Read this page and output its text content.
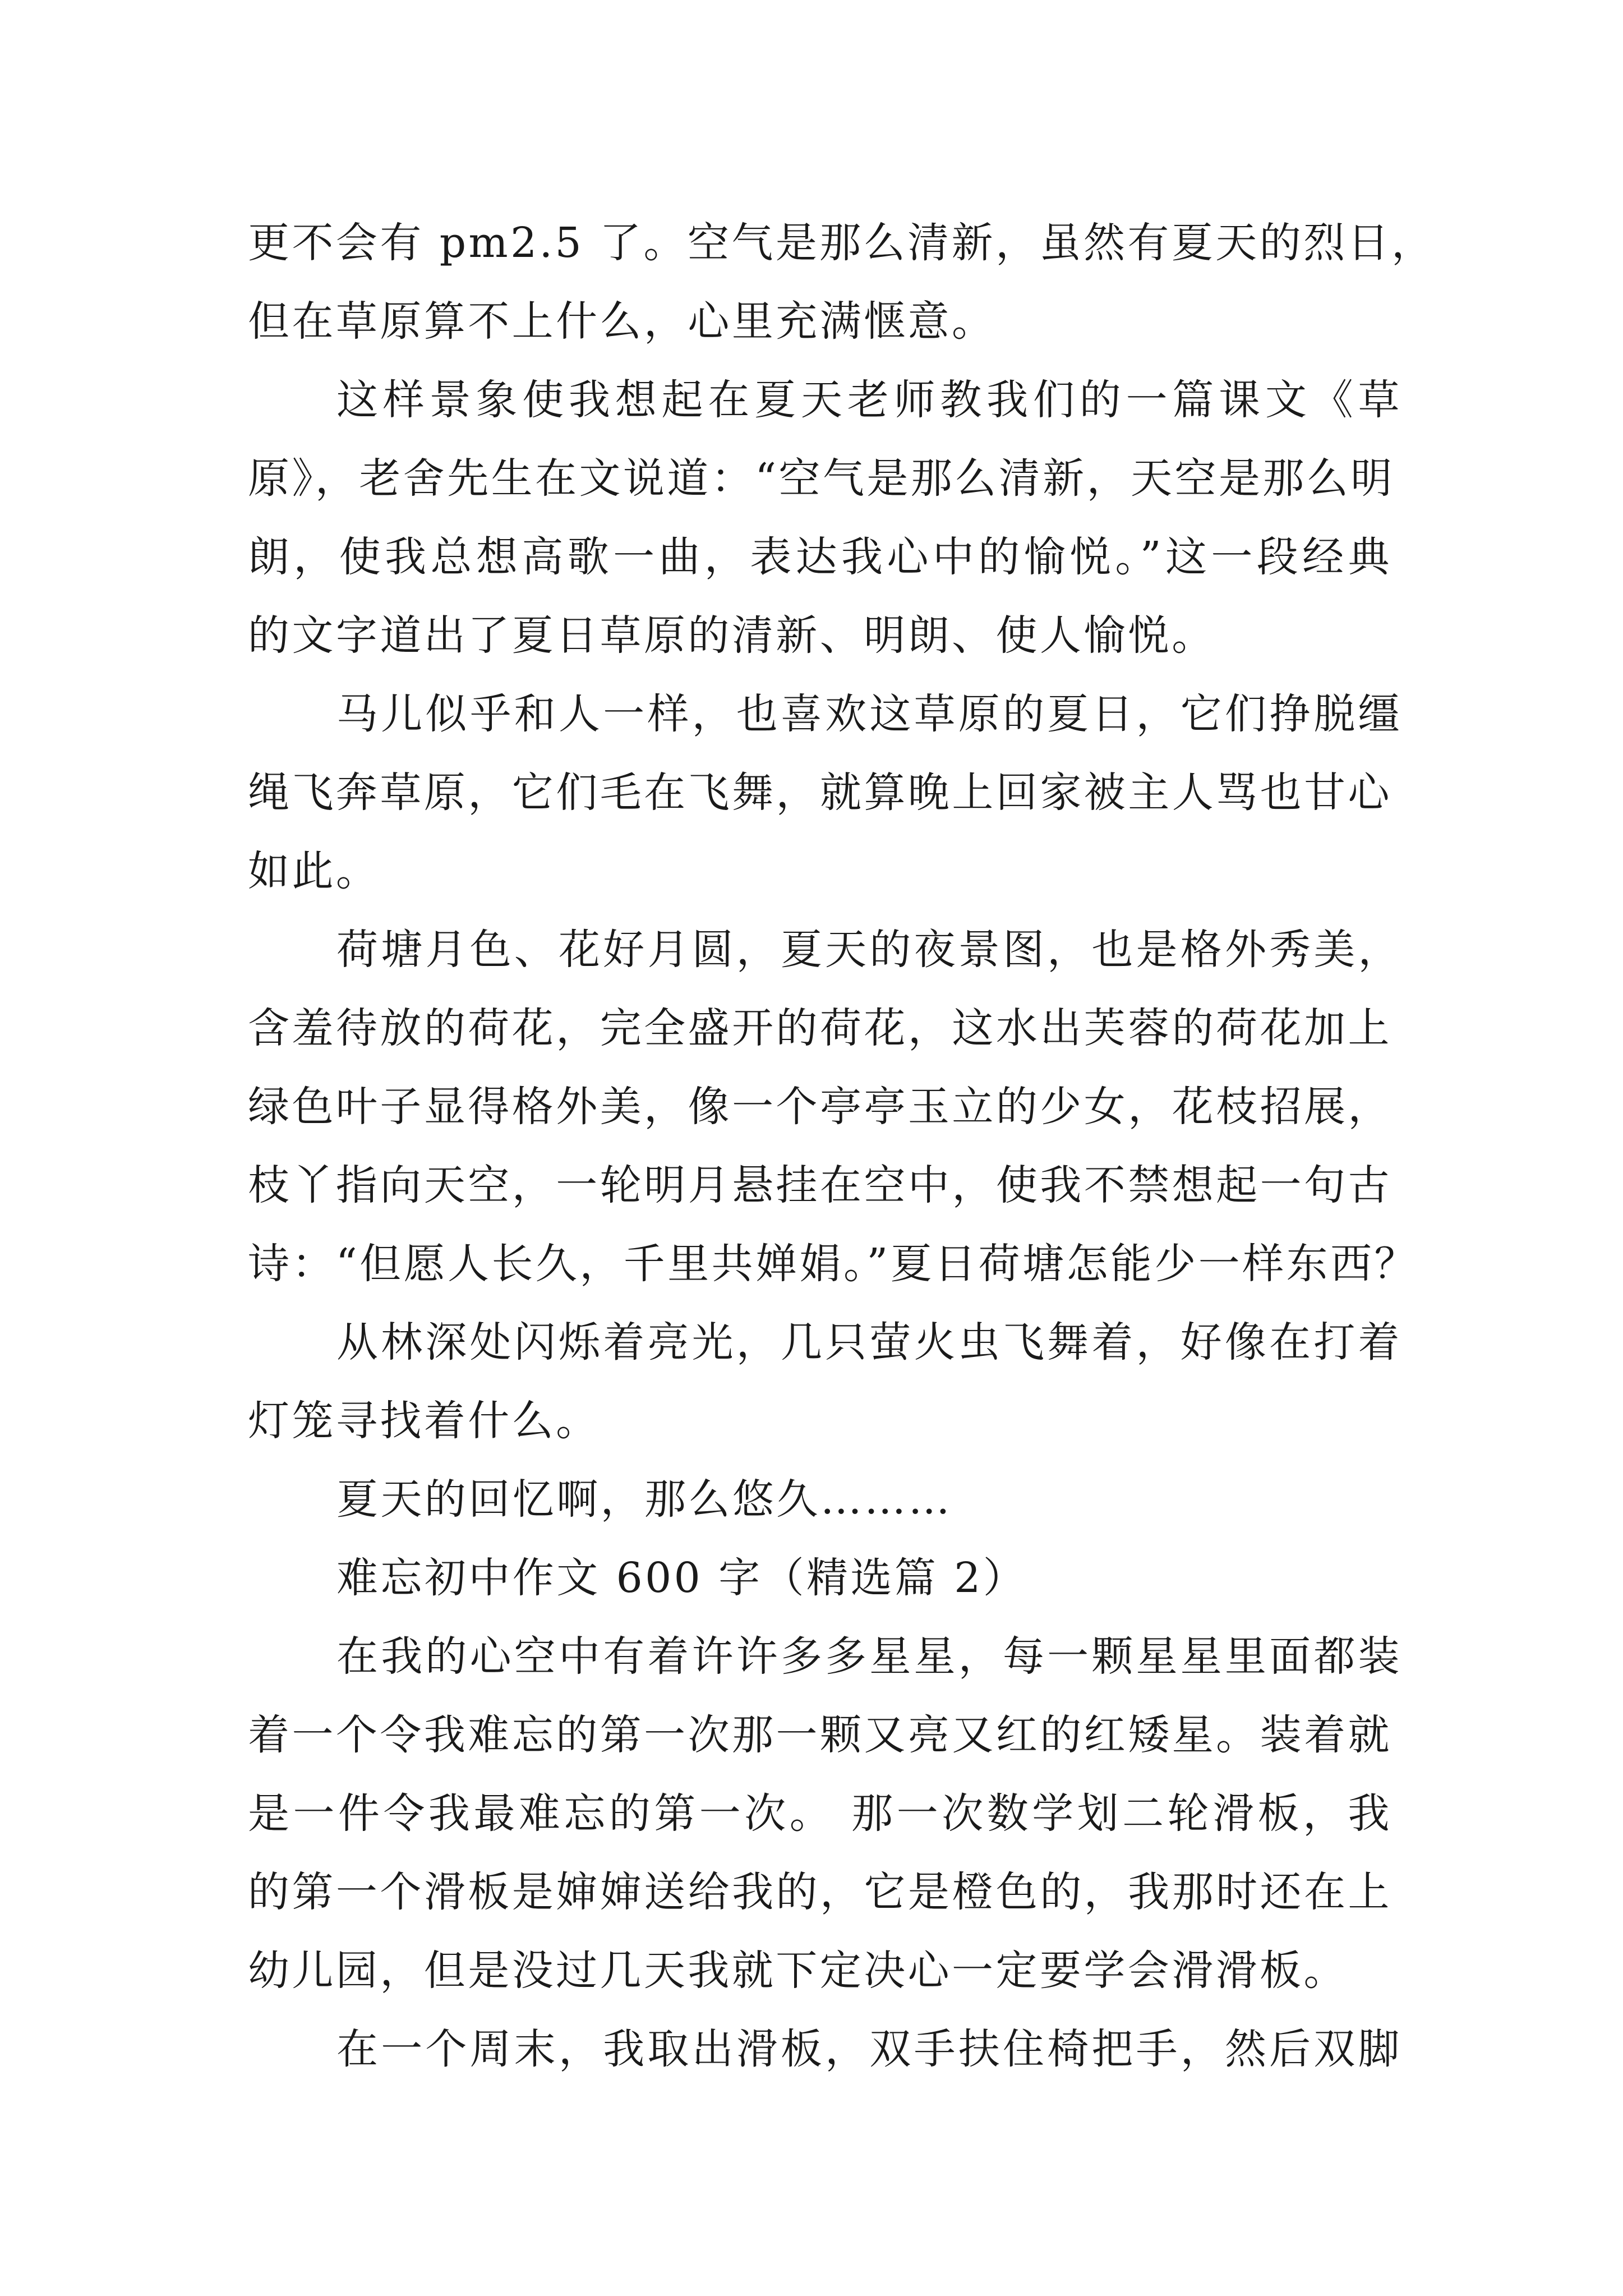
更不会有 pm2.5 了。空气是那么清新，虽然有夏天的烈日，
但在草原算不上什么，心里充满惬意。
这样景象使我想起在夏天老师教我们的一篇课文《草
原》，老舍先生在文说道：“空气是那么清新，天空是那么明
朗，使我总想高歌一曲，表达我心中的愉悦。”这一段经典
的文字道出了夏日草原的清新、明朗、使人愉悦。
马儿似乎和人一样，也喜欢这草原的夏日，它们挣脱缰
绳飞奔草原，它们毛在飞舞，就算晚上回家被主人骂也甘心
如此。
荷塘月色、花好月圆，夏天的夜景图，也是格外秀美，
含羞待放的荷花，完全盛开的荷花，这水出芙蓉的荷花加上
绿色叶子显得格外美，像一个亭亭玉立的少女，花枝招展，
枝丫指向天空，一轮明月悬挂在空中，使我不禁想起一句古
诗：“但愿人长久，千里共婵娟。”夏日荷塘怎能少一样东西？
从林深处闪烁着亮光，几只萤火虫飞舞着，好像在打着
灯笼寻找着什么。
夏天的回忆啊，那么悠久………
难忘初中作文 600 字（精选篇 2）
在我的心空中有着许许多多星星，每一颗星星里面都装
着一个令我难忘的第一次那一颗又亮又红的红矮星。装着就
是一件令我最难忘的第一次。 那一次数学划二轮滑板，我
的第一个滑板是婶婶送给我的，它是橙色的，我那时还在上
幼儿园，但是没过几天我就下定决心一定要学会滑滑板。
在一个周末，我取出滑板，双手扶住椅把手，然后双脚
